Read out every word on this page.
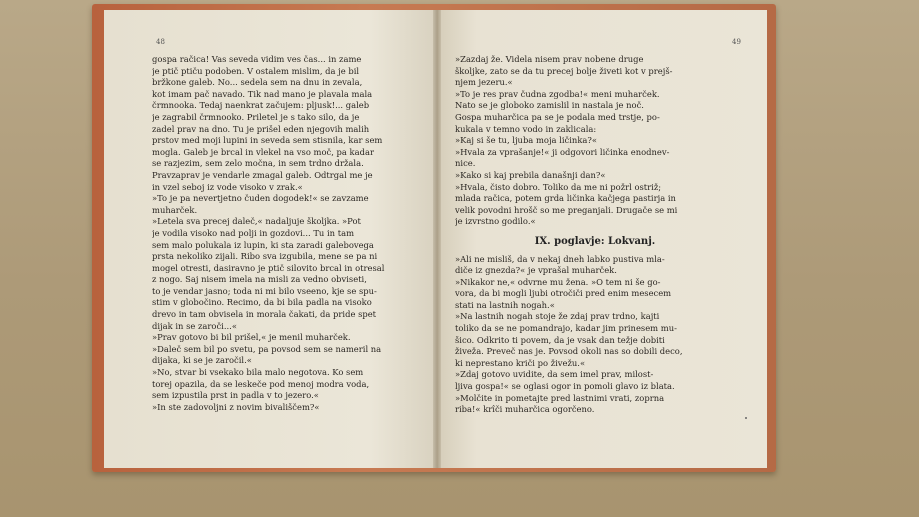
48

gospa račica! Vas seveda vidim ves čas... in zame

je ptič ptiču podoben. V ostalem mislim, da je bil

bržkone galeb. No... sedela sem na dnu in zevala,

kot imam pač navado. Tik nad mano je plavala mala

črmnooka. Tedaj naenkrat začujem: pljusk!... galeb

je zagrabil črmnooko. Priletel je s tako silo, da je

zadel prav na dno. Tu je prišel eden njegovih malih

prstov med moji lupini in seveda sem stisnila, kar sem

mogla. Galeb je brcal in vlekel na vso moč, pa kadar

se razjezim, sem zelo močna, in sem trdno držala.

Pravzaprav je vendarle zmagal galeb. Odtrgal me je

in vzel seboj iz vode visoko v zrak.«

»To je pa nevertjetno čuden dogodek!« se zavzame

muharček.

»Letela sva precej daleč,« nadaljuje školjka. »Pot

je vodila visoko nad polji in gozdovi... Tu in tam

sem malo polukala iz lupin, ki sta zaradi galebovega

prsta nekoliko zijali. Ribo sva izgubila, mene se pa ni

mogel otresti, dasiravno je ptič silovito brcal in otresal

z nogo. Saj nisem imela na misli za vedno obviseti,

to je vendar jasno; toda ni mi bilo vseeno, kje se spu-

stim v globočino. Recimo, da bi bila padla na visoko

drevo in tam obvisela in morala čakati, da pride spet

dijak in se zaroči...«

»Prav gotovo bi bil prišel,« je menil muharček.

»Daleč sem bil po svetu, pa povsod sem se nameril na

dijaka, ki se je zaročil.«

»No, stvar bi vsekako bila malo negotova. Ko sem

torej opazila, da se leskeče pod menoj modra voda,

sem izpustila prst in padla v to jezero.«

»In ste zadovoljni z novim bivališčem?«

49

»Zazdaj že. Videla nisem prav nobene druge

školjke, zato se da tu precej bolje živeti kot v prejš-

njem jezeru.«

»To je res prav čudna zgodba!« meni muharček.

Nato se je globoko zamislil in nastala je noč.

Gospa muharčica pa se je podala med trstje, po-

kukala v temno vodo in zaklicala:

»Kaj si še tu, ljuba moja ličinka?«

»Hvala za vprašanje!« ji odgovori ličinka enodnev-

nice.

»Kako si kaj prebila današnji dan?«

»Hvala, čisto dobro. Toliko da me ni požrl ostriž;

mlada račica, potem grda ličinka kačjega pastirja in

velik povodni hrošč so me preganjali. Drugače se mi

je izvrstno godilo.«

IX. poglavje: Lokvanj.

»Ali ne misliš, da v nekaj dneh labko pustiva mla-

diče iz gnezda?« je vprašal muharček.

»Nikakor ne,« odvrne mu žena. »O tem ni še go-

vora, da bi mogli ljubi otročiči pred enim mesecem

stati na lastnih nogah.«

»Na lastnih nogah stoje že zdaj prav trdno, kajti

toliko da se ne pomandrajo, kadar jim prinesem mu-

šico. Odkrito ti povem, da je vsak dan težje dobiti

živeža. Preveč nas je. Povsod okoli nas so dobili deco,

ki neprestano kriči po živežu.«

»Zdaj gotovo uvidite, da sem imel prav, milost-

ljiva gospa!« se oglasi ogor in pomoli glavo iz blata.

»Molčite in pometajte pred lastnimi vrati, zoprna

riba!« krîči muharčica ogorčeno.
